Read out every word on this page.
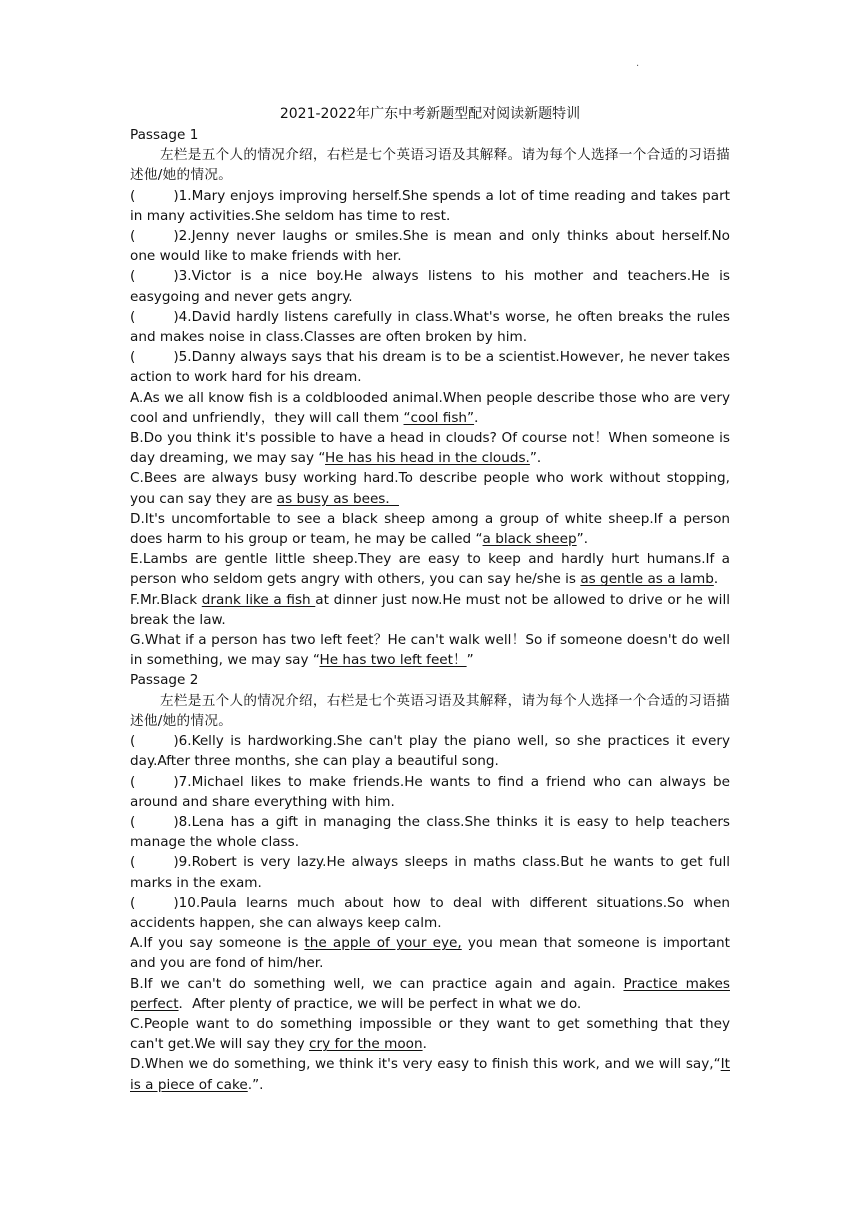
.
2021-2022年广东中考新题型配对阅读新题特训

Passage 1

左栏是五个人的情况介绍，右栏是七个英语习语及其解释。请为每个人选择一个合适的习语描述他/她的情况。

(	)1.Mary enjoys improving herself.She spends a lot of time reading and takes part in many activities.She seldom has time to rest.

(	)2.Jenny never laughs or smiles.She is mean and only thinks about herself.No one would like to make friends with her.

(	)3.Victor is a nice boy.He always listens to his mother and teachers.He is easygoing and never gets angry.

(	)4.David hardly listens carefully in class.What's worse, he often breaks the rules and makes noise in class.Classes are often broken by him.

(	)5.Danny always says that his dream is to be a scientist.However, he never takes action to work hard for his dream.

A.As we all know fish is a coldblooded animal.When people describe those who are very cool and unfriendly，they will call them “cool fish”．

B.Do you think it's possible to have a head in clouds? Of course not！When someone is day dreaming, we may say “He has his head in the clouds.”．

C.Bees are always busy working hard.To describe people who work without stopping, you can say they are as busy as bees．

D.It's uncomfortable to see a black sheep among a group of white sheep.If a person does harm to his group or team, he may be called “a black sheep”．

E.Lambs are gentle little sheep.They are easy to keep and hardly hurt humans.If a person who seldom gets angry with others, you can say he/she is as gentle as a lamb．

F.Mr.Black drank like a fish at dinner just now.He must not be allowed to drive or he will break the law.

G.What if a person has two left feet？He can't walk well！So if someone doesn't do well in something, we may say “He has two left feet！”

Passage 2

左栏是五个人的情况介绍，右栏是七个英语习语及其解释，请为每个人选择一个合适的习语描述他/她的情况。

(	)6.Kelly is hardworking.She can't play the piano well, so she practices it every day.After three months, she can play a beautiful song.

(	)7.Michael likes to make friends.He wants to find a friend who can always be around and share everything with him.

(	)8.Lena has a gift in managing the class.She thinks it is easy to help teachers manage the whole class.

(	)9.Robert is very lazy.He always sleeps in maths class.But he wants to get full marks in the exam.

(	)10.Paula learns much about how to deal with different situations.So when accidents happen, she can always keep calm.

A.If you say someone is the apple of your eye, you mean that someone is important and you are fond of him/her.

B.If we can't do something well, we can practice again and again. Practice makes perfect．After plenty of practice, we will be perfect in what we do.

C.People want to do something impossible or they want to get something that they can't get.We will say they cry for the moon．

D.When we do something, we think it's very easy to finish this work, and we will say,“It is a piece of cake.”.
